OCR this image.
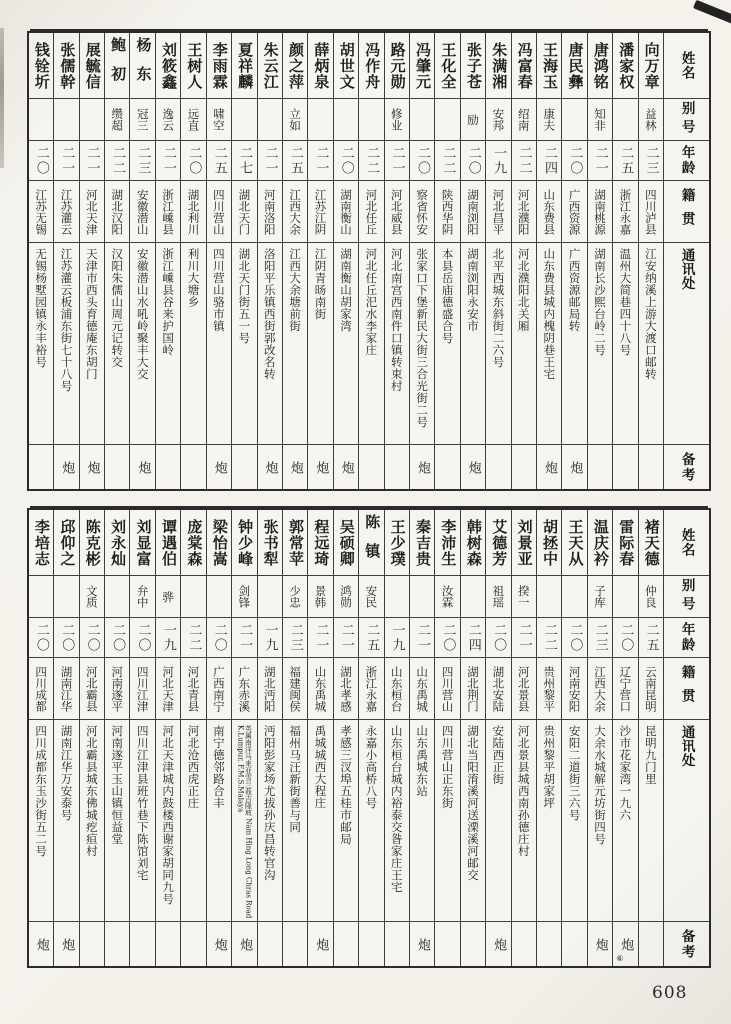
姓名
别号
年龄
籍贯
通讯处
备考
向万章
益林
二三
四川泸县
江安纳溪上游大渡口邮转
潘家权
二五
浙江永嘉
温州大简巷四十八号
唐鸿铭
知非
二一
湖南桃源
湖南长沙熙台岭二号
唐民彝
二〇
广西资源
广西资源邮局转
炮
王海玉
康夫
二四
山东费县
山东费县城内槐阴巷王宅
炮
冯富春
绍南
二二
河北濮阳
河北濮阳北关厢
朱满湘
安邦
一九
河北昌平
北平西城东斜街二六号
张子苍
励
二〇
湖南浏阳
湖南浏阳永安市
炮
王化全
二二
陕西华阴
本县岳庙德盛合号
冯肇元
二〇
察省怀安
张家口下堡新民大街三合光街二号
炮
路元勋
修业
二一
河北威县
河北南宫西南件口镇转束村
冯作舟
二二
河北任丘
河北任丘汜水李家庄
胡世文
二〇
湖南衡山
湖南衡山胡家湾
炮
薛炳泉
二一
江苏江阴
江阴青旸南街
炮
颜之萍
立如
二五
江西大余
江西大余塘前街
炮
朱云江
二一
河南洛阳
洛阳平乐镇西街郭改名转
炮
夏祥麟
二七
湖北天门
湖北天门街五一号
李雨霖
啸空
二五
四川营山
四川营山骆市镇
炮
王树人
远直
二〇
湖北利川
利川大塘乡
刘筱鑫
逸云
二一
浙江嵊县
浙江嵊县谷来护国岭
杨东
冠三
二三
安徽潜山
安徽潜山水吼岭聚丰大交
炮
鲍初
缵超
二二
湖北汉阳
汉阳朱儒山周元记转交
展毓信
二一
河北天津
天津市西头育德庵东胡门
炮
张儒幹
二一
江苏灌云
江苏灌云板浦东街七十八号
炮
钱铨圻
二〇
江苏无锡
无锡杨墅园镇永丰裕号
姓名
别号
年龄
籍贯
通讯处
备考
褚天德
仲良
二五
云南昆明
昆明九门里
雷际春
二〇
辽宁营口
沙市花家湾一九六
炮
⑥
温庆衿
子库
二三
江西大余
大余水城解元坊街四号
炮
王天从
二〇
河南安阳
安阳二道街三六号
胡拯中
二二
贵州黎平
贵州黎平胡家坪
刘景亚
揆一
二一
河北景县
河北景县城西南孙德庄村
艾德芳
祖瑶
二〇
湖北安陆
安陆西正街
炮
韩树森
二四
湖北荆门
湖北当阳淯溪河送溧溪河邮交
李沛生
汝霖
二〇
四川营山
四川营山正东街
秦吉贵
二一
山东禹城
山东禹城东站
炮
王少璞
一九
山东桓台
山东桓台城内裕泰交昝家庄王宅
陈镇
安民
二五
浙江永嘉
永嘉小高桥八号
吴硕卿
鸿勋
二一
湖北孝感
孝感三汊埠五桂市邮局
程远琦
景韩
二一
山东禹城
禹城城西大程庄
炮
郭常苹
少忠
二三
福建闽侯
福州马汪新街善与同
张书犁
一九
湖北沔阳
沔阳彭家场尤拔孙庆昌转官沟
钟少峰
剑锋
二一
广东赤溪
英属南洋马来亚雪兰莪吉隆坡 Nam Hing Long Chras Road K.Lumpur, F.M.S.Malaya
炮
梁怡嵩
二〇
广西南宁
南宁德邻路合丰
炮
庞棠森
二二
河北青县
河北沧西虎正庄
谭遇伯
骅
一九
河北天津
河北天津城内鼓楼西谢家胡同九号
刘显富
弁中
二〇
四川江津
四川江津县班竹巷下陈馆刘宅
刘永灿
二〇
河南遂平
河南遂平玉山镇恒益堂
陈克彬
文质
二〇
河北霸县
河北霸县城东佛城疙疸村
邱仰之
二〇
湖南江华
湖南江华万安泰号
炮
李培志
二〇
四川成都
四川成都东玉沙街五二号
炮
608
